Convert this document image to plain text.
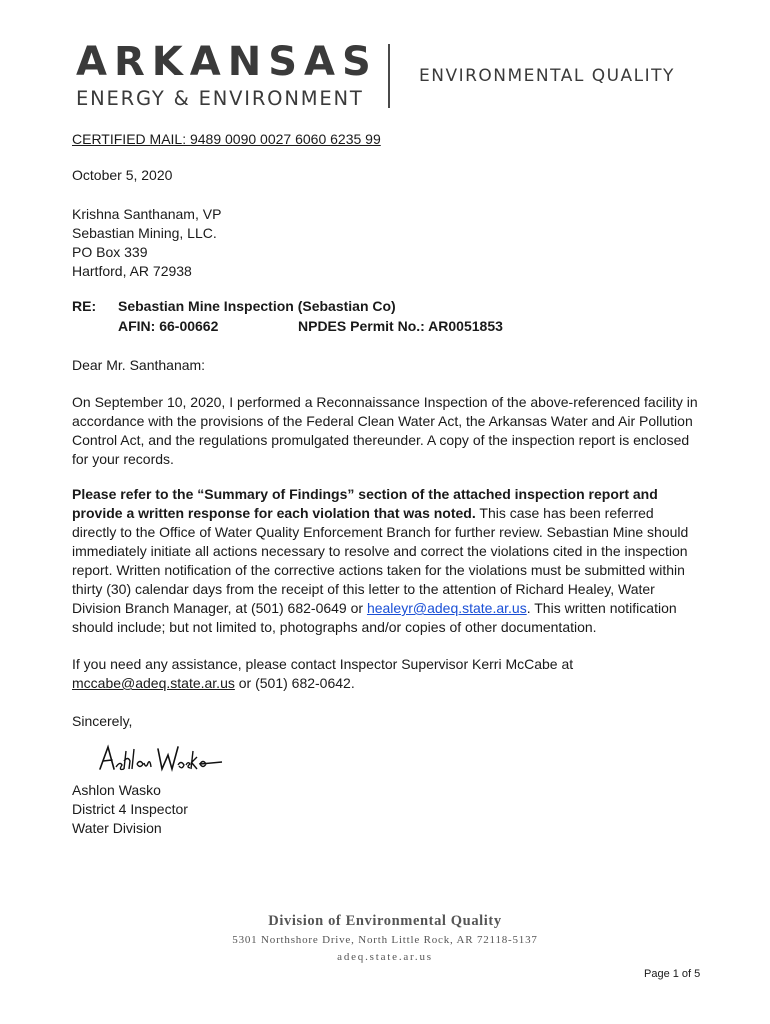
ARKANSAS
ENERGY & ENVIRONMENT
ENVIRONMENTAL QUALITY
CERTIFIED MAIL: 9489 0090 0027 6060 6235 99
October 5, 2020
Krishna Santhanam, VP
Sebastian Mining, LLC.
PO Box 339
Hartford, AR 72938
RE: Sebastian Mine Inspection (Sebastian Co)
AFIN: 66-00662	NPDES Permit No.: AR0051853
Dear Mr. Santhanam:
On September 10, 2020, I performed a Reconnaissance Inspection of the above-referenced facility in
accordance with the provisions of the Federal Clean Water Act, the Arkansas Water and Air Pollution
Control Act, and the regulations promulgated thereunder. A copy of the inspection report is enclosed
for your records.
Please refer to the “Summary of Findings” section of the attached inspection report and
provide a written response for each violation that was noted. This case has been referred
directly to the Office of Water Quality Enforcement Branch for further review. Sebastian Mine should
immediately initiate all actions necessary to resolve and correct the violations cited in the inspection
report. Written notification of the corrective actions taken for the violations must be submitted within
thirty (30) calendar days from the receipt of this letter to the attention of Richard Healey, Water
Division Branch Manager, at (501) 682-0649 or healeyr@adeq.state.ar.us. This written notification
should include; but not limited to, photographs and/or copies of other documentation.
If you need any assistance, please contact Inspector Supervisor Kerri McCabe at
mccabe@adeq.state.ar.us or (501) 682-0642.
Sincerely,
Ashlon Wasko
District 4 Inspector
Water Division
Division of Environmental Quality
5301 Northshore Drive, North Little Rock, AR 72118-5137
adeq.state.ar.us
Page 1 of 5
